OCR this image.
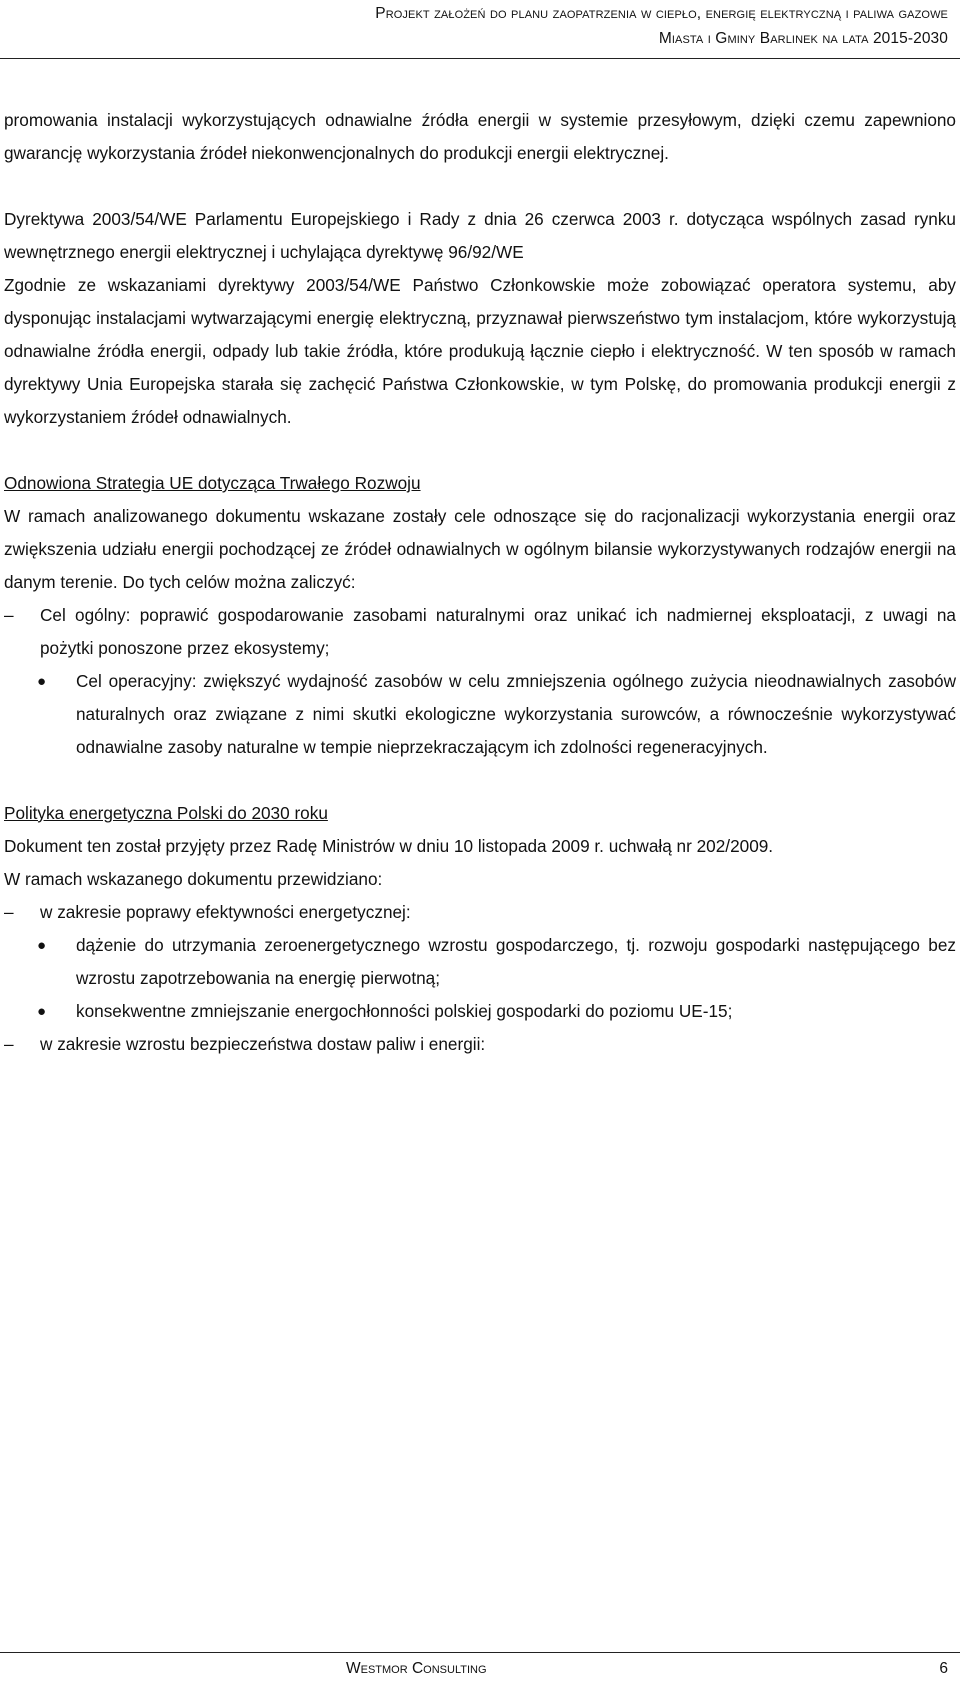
Projekt założeń do planu zaopatrzenia w ciepło, energię elektryczną i paliwa gazowe
Miasta i Gminy Barlinek na lata 2015-2030

promowania instalacji wykorzystujących odnawialne źródła energii w systemie przesyłowym, dzięki czemu zapewniono gwarancję wykorzystania źródeł niekonwencjonalnych do produkcji energii elektrycznej.

Dyrektywa 2003/54/WE Parlamentu Europejskiego i Rady z dnia 26 czerwca 2003 r. dotycząca wspólnych zasad rynku wewnętrznego energii elektrycznej i uchylająca dyrektywę 96/92/WE

Zgodnie ze wskazaniami dyrektywy 2003/54/WE Państwo Członkowskie może zobowiązać operatora systemu, aby dysponując instalacjami wytwarzającymi energię elektryczną, przyznawał pierwszeństwo tym instalacjom, które wykorzystują odnawialne źródła energii, odpady lub takie źródła, które produkują łącznie ciepło i elektryczność. W ten sposób w ramach dyrektywy Unia Europejska starała się zachęcić Państwa Członkowskie, w tym Polskę, do promowania produkcji energii z wykorzystaniem źródeł odnawialnych.

Odnowiona Strategia UE dotycząca Trwałego Rozwoju

W ramach analizowanego dokumentu wskazane zostały cele odnoszące się do racjonalizacji wykorzystania energii oraz zwiększenia udziału energii pochodzącej ze źródeł odnawialnych w ogólnym bilansie wykorzystywanych rodzajów energii na danym terenie. Do tych celów można zaliczyć:

–	Cel ogólny: poprawić gospodarowanie zasobami naturalnymi oraz unikać ich nadmiernej eksploatacji, z uwagi na pożytki ponoszone przez ekosystemy;
●	Cel operacyjny: zwiększyć wydajność zasobów w celu zmniejszenia ogólnego zużycia nieodnawialnych zasobów naturalnych oraz związane z nimi skutki ekologiczne wykorzystania surowców, a równocześnie wykorzystywać odnawialne zasoby naturalne w tempie nieprzekraczającym ich zdolności regeneracyjnych.

Polityka energetyczna Polski do 2030 roku

Dokument ten został przyjęty przez Radę Ministrów w dniu 10 listopada 2009 r. uchwałą nr 202/2009.

W ramach wskazanego dokumentu przewidziano:

–	w zakresie poprawy efektywności energetycznej:
●	dążenie do utrzymania zeroenergetycznego wzrostu gospodarczego, tj. rozwoju gospodarki następującego bez wzrostu zapotrzebowania na energię pierwotną;
●	konsekwentne zmniejszanie energochłonności polskiej gospodarki do poziomu UE-15;
–	w zakresie wzrostu bezpieczeństwa dostaw paliw i energii:
Westmor Consulting	6
